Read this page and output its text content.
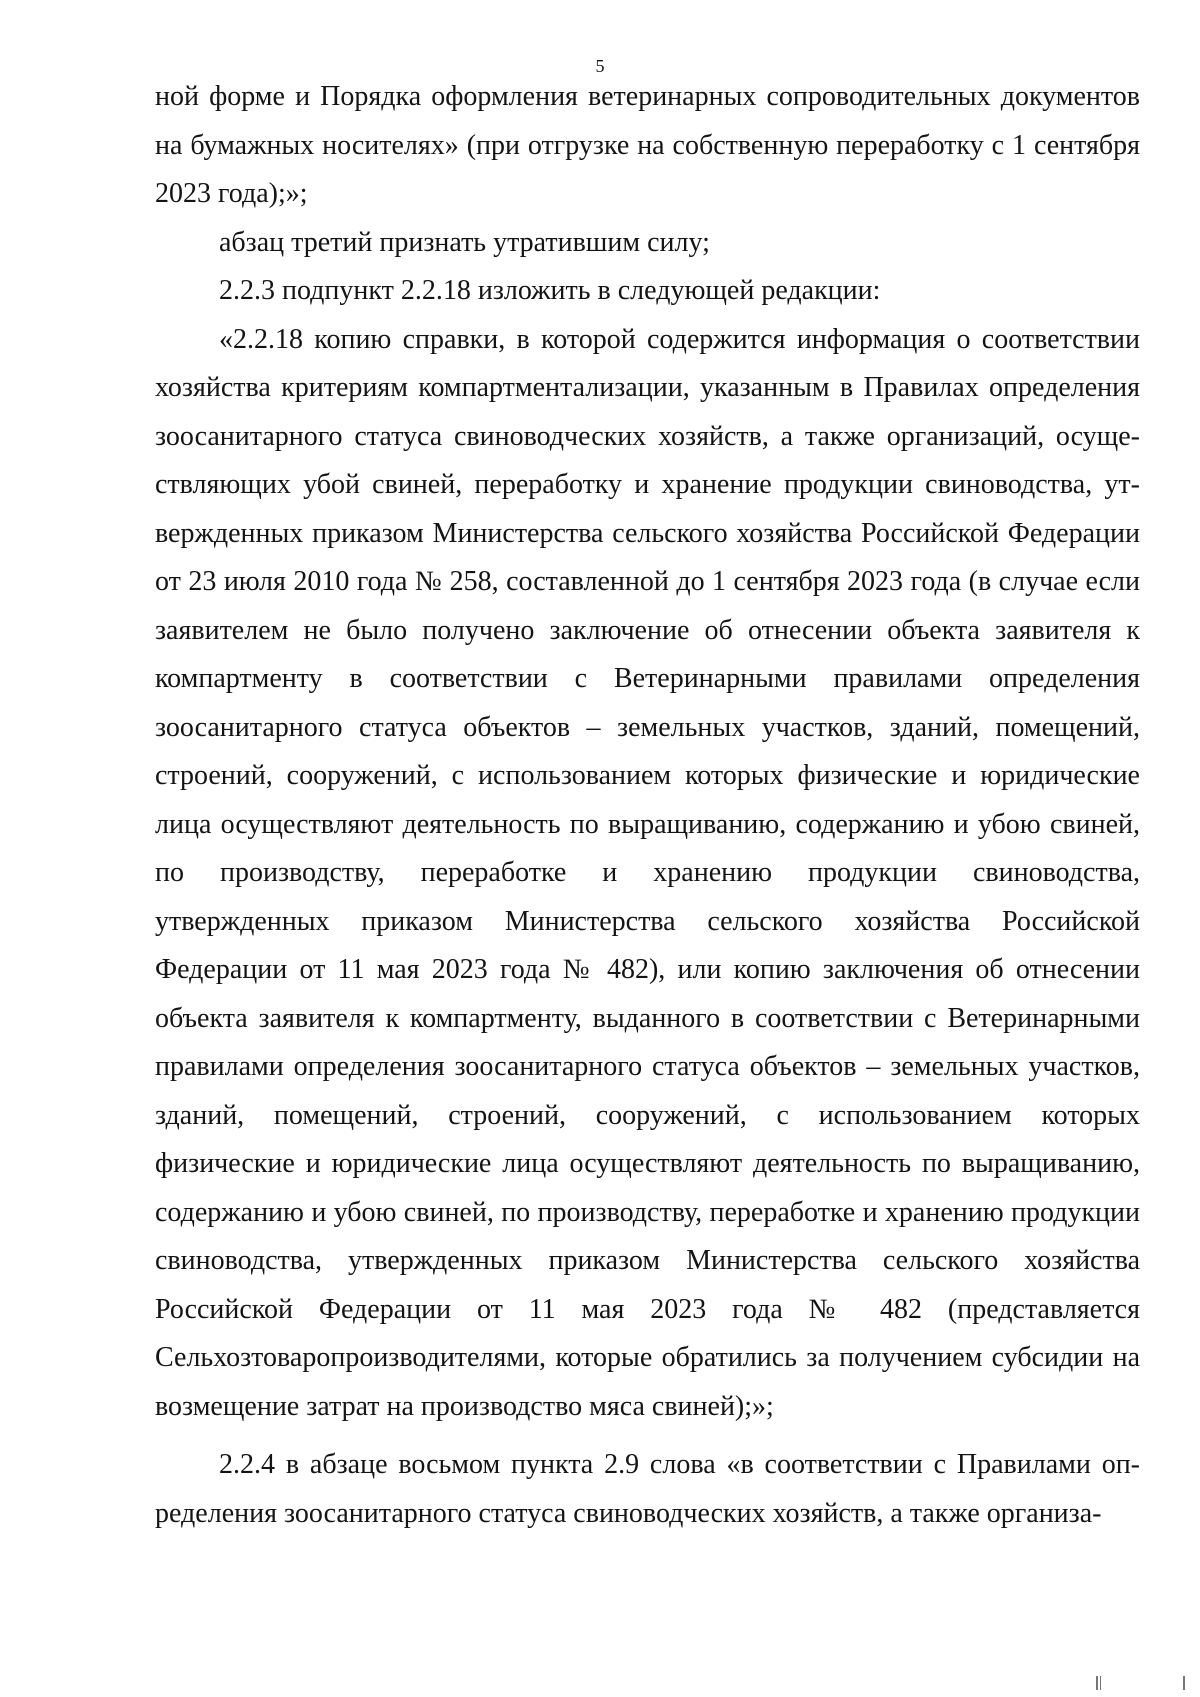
5

ной форме и Порядка оформления ветеринарных сопроводительных документов на бумажных носителях» (при отгрузке на собственную переработку с 1 сентября 2023 года);»;

абзац третий признать утратившим силу;

2.2.3 подпункт 2.2.18 изложить в следующей редакции:

«2.2.18 копию справки, в которой содержится информация о соответствии хозяйства критериям компартментализации, указанным в Правилах определения зоосанитарного статуса свиноводческих хозяйств, а также организаций, осуществляющих убой свиней, переработку и хранение продукции свиноводства, утвержденных приказом Министерства сельского хозяйства Российской Федерации от 23 июля 2010 года № 258, составленной до 1 сентября 2023 года (в случае если заявителем не было получено заключение об отнесении объекта заявителя к компартменту в соответствии с Ветеринарными правилами определения зоосанитарного статуса объектов – земельных участков, зданий, помещений, строений, сооружений, с использованием которых физические и юридические лица осуществляют деятельность по выращиванию, содержанию и убою свиней, по производству, переработке и хранению продукции свиноводства, утвержденных приказом Министерства сельского хозяйства Российской Федерации от 11 мая 2023 года № 482), или копию заключения об отнесении объекта заявителя к компартменту, выданного в соответствии с Ветеринарными правилами определения зоосанитарного статуса объектов – земельных участков, зданий, помещений, строений, сооружений, с использованием которых физические и юридические лица осуществляют деятельность по выращиванию, содержанию и убою свиней, по производству, переработке и хранению продукции свиноводства, утвержденных приказом Министерства сельского хозяйства Российской Федерации от 11 мая 2023 года № 482 (представляется Сельхозтоваропроизводителями, которые обратились за получением субсидии на возмещение затрат на производство мяса свиней);»;

2.2.4 в абзаце восьмом пункта 2.9 слова «в соответствии с Правилами определения зоосанитарного статуса свиноводческих хозяйств, а также организа-
